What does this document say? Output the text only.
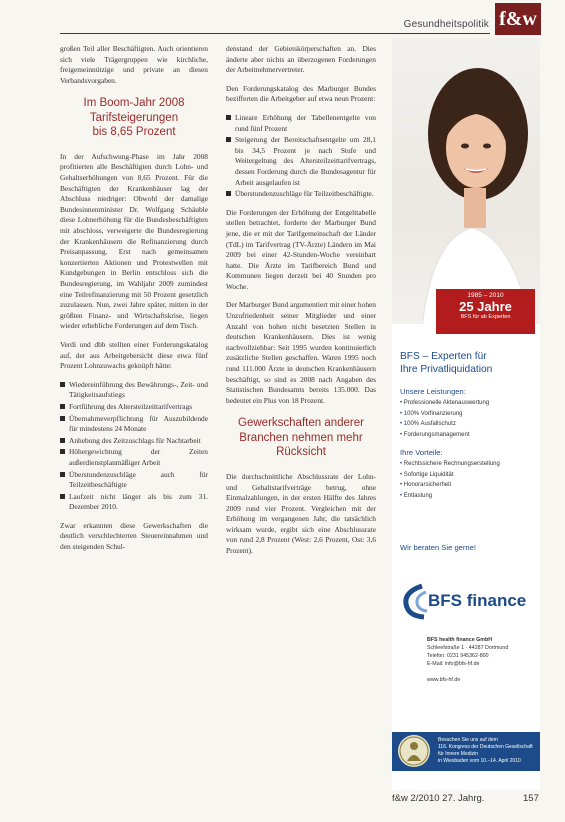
Gesundheitspolitik f&w

großen Teil aller Beschäftigten. Auch orientieren sich viele Trägergruppen wie kirchliche, freigemeinnützige und private an diesen Verbandsvorgaben.

Im Boom-Jahr 2008
Tarifsteigerungen
bis 8,65 Prozent

In der Aufschwung-Phase im Jahr 2008 profitierten alle Beschäftigten durch Lohn- und Gehaltserhöhungen von 8,65 Prozent. Für die Beschäftigten der Krankenhäuser lag der Abschluss niedriger: Obwohl der damalige Bundesinnenminister Dr. Wolfgang Schäuble diese Lohnerhöhung für die Bundesbeschäftigten mit abschloss, verweigerte die Bundesregierung der Krankenhäusern die Refinanzierung durch Preisanpassung. Erst nach gemeinsamen konzertierten Aktionen und Protestwellen mit Kundgebungen in Berlin entschloss sich die Bundesregierung, im Wahljahr 2009 zumindest eine Teilrefinanzierung mit 50 Prozent gesetzlich zuzulassen. Nun, zwei Jahre später, mitten in der größten Finanz- und Wirtschaftskrise, liegen wieder erhebliche Forderungen auf dem Tisch.

Verdi und dbb stellten einer Forderungskatalog auf, der aus Arbeitgebersicht diese etwa fünf Prozent Lohnzuwachs geknüpft hätte:

Wiedereinführung des Bewährungs-, Zeit- und Tätigkeitsaufstiegs
Fortführung des Altersteilzeittarifvertrags
Übernahmeverpflichtung für Auszubildende für mindestens 24 Monate
Anhebung des Zeitzuschlags für Nachtarbeit
Höhergewichtung der Zeiten außerdienstplanmäßiger Arbeit
Überstundenzuschläge auch für Teilzeitbeschäftigte
Laufzeit nicht länger als bis zum 31. Dezember 2010.

Zwar erkannten diese Gewerkschaften die deutlich verschlechterten Steuereinnahmen und den steigenden Schul-

denstand der Gebietskörperschaften an. Dies änderte aber nichts an überzogenen Forderungen der Arbeitnehmervertreter.

Den Forderungskatalog des Marburger Bundes bezifferten die Arbeitgeber auf etwa neun Prozent:

Lineare Erhöhung der Tabellenentgelte von rund fünf Prozent
Steigerung der Bereitschaftsentgelte um 28,1 bis 34,5 Prozent je nach Stufe und Weitergeltung des Altersteilzeittarifvertrags, dessen Forderung durch die Bundesagentur für Arbeit ausgelaufen ist
Überstundenzuschläge für Teilzeitbeschäftigte.

Die Forderungen der Erhöhung der Entgelttabelle stellen betrachtet, forderte der Marburger Bund jene, die er mit der Tarifgemeinschaft der Länder (TdL) im Tarifvertrag (TV-Ärzte) Ländern im Mai 2009 bei einer 42-Stunden-Woche vereinbart hatte. Die Ärzte im Tarifbereich Bund und Kommunen liegen derzeit bei 40 Stunden pro Woche.

Der Marburger Bund argumentiert mit einer hohen Unzufriedenheit seiner Mitglieder und einer Anzahl von hohen nicht besetzten Stellen in deutschen Krankenhäusern. Dies ist wenig nachvollziehbar: Seit 1995 wurden kontinuierlich zusätzliche Stellen geschaffen. Waren 1995 noch rund 111.000 Ärzte in deutschen Krankenhäusern beschäftigt, so sind es 2008 nach Angaben des Statistischen Bundesamts bereits 135.000. Das bedeutet ein Plus von 18 Prozent.

Gewerkschaften anderer
Branchen nehmen mehr
Rücksicht

Die durchschnittliche Abschlussrate der Lohn- und Gehaltstarifverträge betrug, ohne Einmalzahlungen, in der ersten Hälfte des Jahres 2009 rund vier Prozent. Vergleichen mit der Erhöhung im vergangenen Jahr, die tatsächlich wirksam wurde, ergibt sich eine Abschlussrate von rund 2,8 Prozent (West: 2,6 Prozent, Ost: 3,6 Prozent).

1985 – 2010
25 Jahre
BFS für ab Experten
BFS – Experten für
Ihre Privatliquidation
Unsere Leistungen:
• Professionelle Aktenauswertung
• 100% Vorfinanzierung
• 100% Ausfallschutz
• Forderungsmanagement
Ihre Vorteile:
• Rechtssichere Rechnungserstellung
• Sofortige Liquidität
• Honorarsicherheit
• Entlastung
Wir beraten Sie gerne!
BFS finance
BFS health finance GmbH
Schleefstraße 1 · 44287 Dortmund
Telefon: 0231 945362-800
E-Mail: info@bfs-hf.de
www.bfs-hf.de
Besuchen Sie uns auf dem
116. Kongress der Deutschen Gesellschaft
für Innere Medizin
in Wiesbaden vom 10.–14. April 2010
f&w 2/2010 27. Jahrg.	157
